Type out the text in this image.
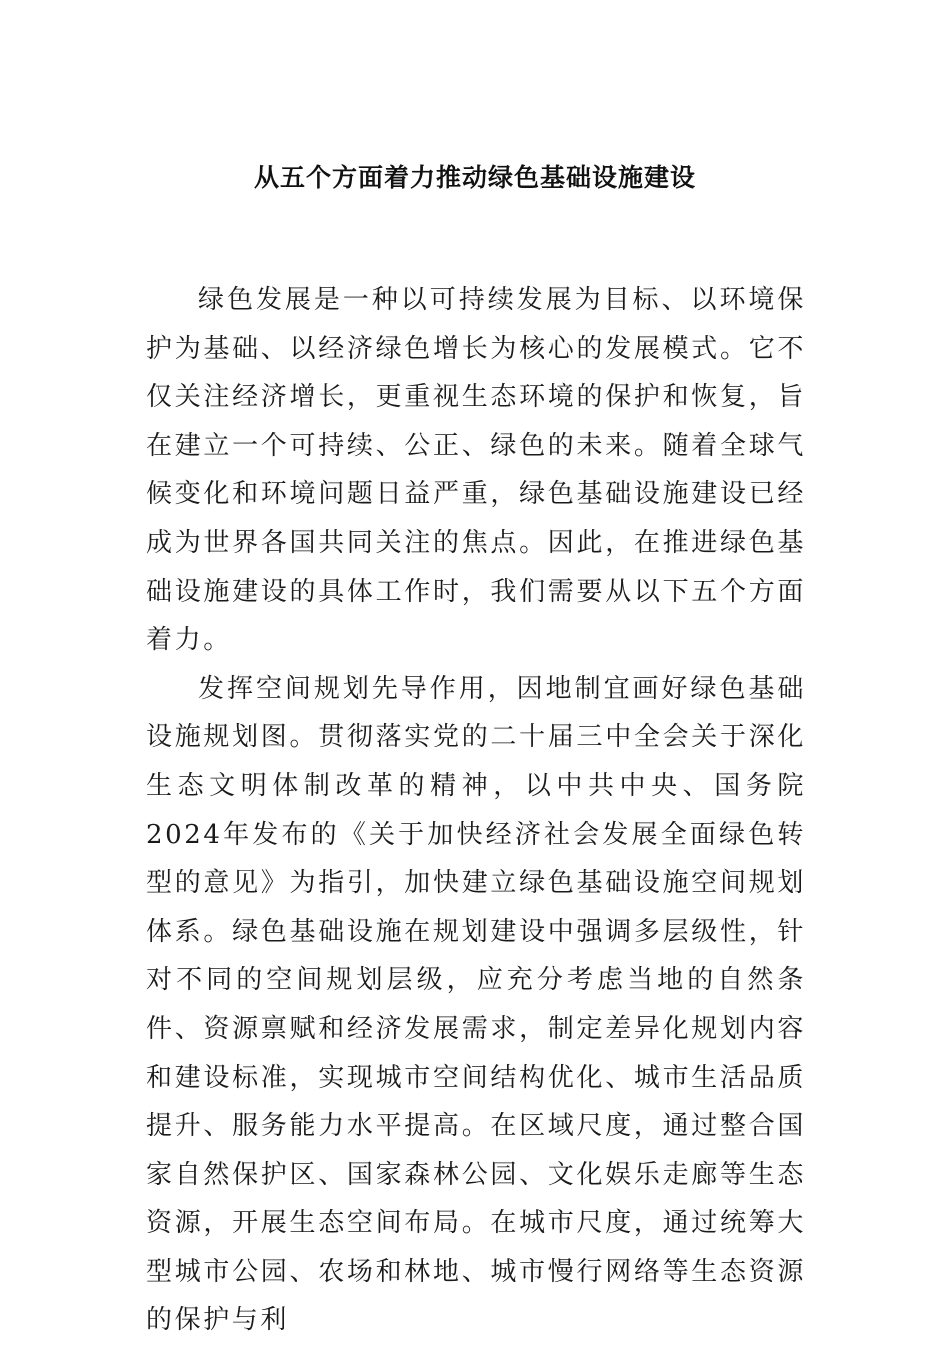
从五个方面着力推动绿色基础设施建设

绿色发展是一种以可持续发展为目标、以环境保护为基础、以经济绿色增长为核心的发展模式。它不仅关注经济增长，更重视生态环境的保护和恢复，旨在建立一个可持续、公正、绿色的未来。随着全球气候变化和环境问题日益严重，绿色基础设施建设已经成为世界各国共同关注的焦点。因此，在推进绿色基础设施建设的具体工作时，我们需要从以下五个方面着力。

发挥空间规划先导作用，因地制宜画好绿色基础设施规划图。贯彻落实党的二十届三中全会关于深化生态文明体制改革的精神，以中共中央、国务院2024年发布的《关于加快经济社会发展全面绿色转型的意见》为指引，加快建立绿色基础设施空间规划体系。绿色基础设施在规划建设中强调多层级性，针对不同的空间规划层级，应充分考虑当地的自然条件、资源禀赋和经济发展需求，制定差异化规划内容和建设标准，实现城市空间结构优化、城市生活品质提升、服务能力水平提高。在区域尺度，通过整合国家自然保护区、国家森林公园、文化娱乐走廊等生态资源，开展生态空间布局。在城市尺度，通过统筹大型城市公园、农场和林地、城市慢行网络等生态资源的保护与利
